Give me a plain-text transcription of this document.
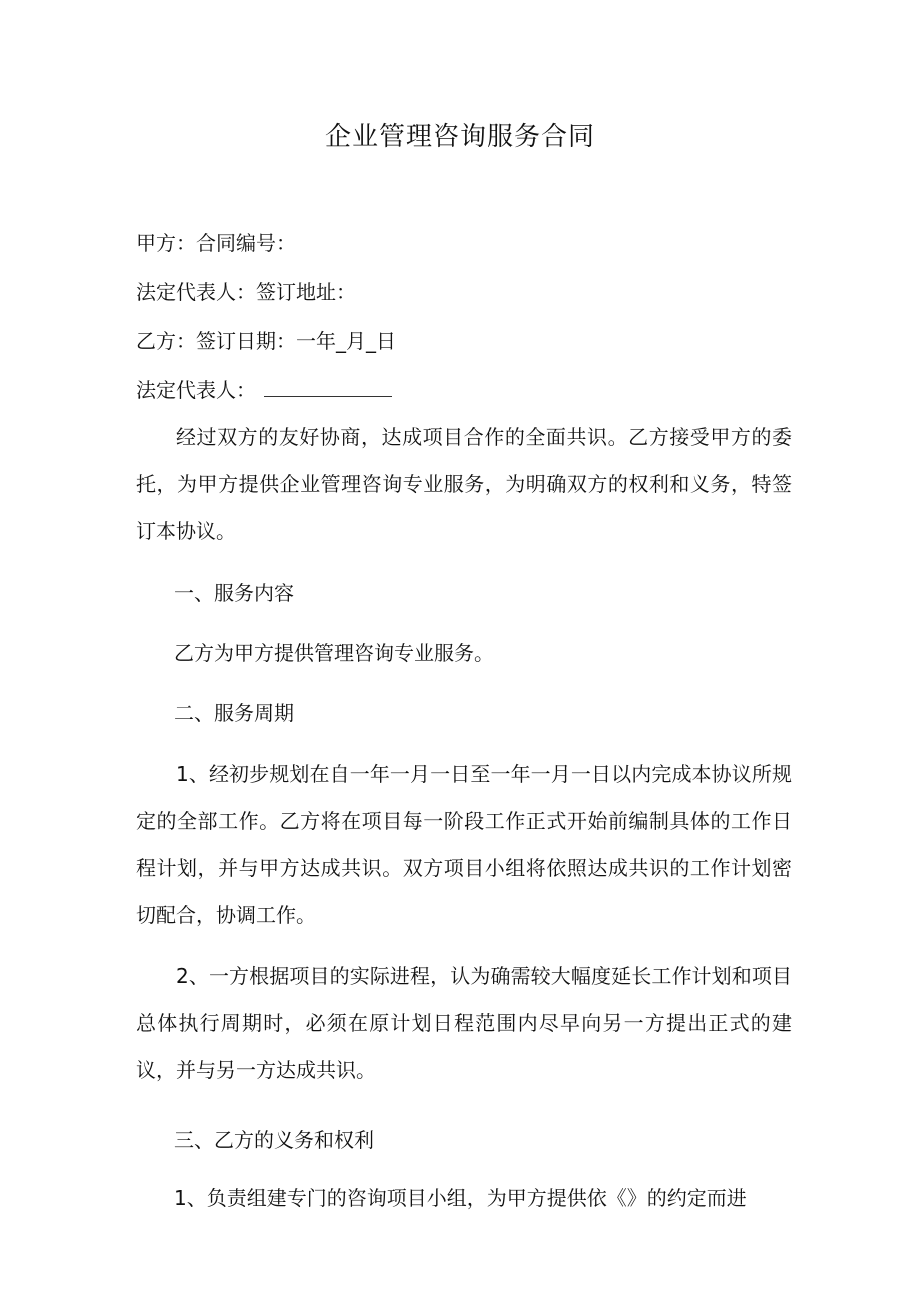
企业管理咨询服务合同
甲方：合同编号：
法定代表人：签订地址：
乙方：签订日期：一年_月_日
法定代表人：
经过双方的友好协商，达成项目合作的全面共识。乙方接受甲方的委托，为甲方提供企业管理咨询专业服务，为明确双方的权利和义务，特签订本协议。
一、服务内容
乙方为甲方提供管理咨询专业服务。
二、服务周期
1、经初步规划在自一年一月一日至一年一月一日以内完成本协议所规定的全部工作。乙方将在项目每一阶段工作正式开始前编制具体的工作日程计划，并与甲方达成共识。双方项目小组将依照达成共识的工作计划密切配合，协调工作。
2、一方根据项目的实际进程，认为确需较大幅度延长工作计划和项目总体执行周期时，必须在原计划日程范围内尽早向另一方提出正式的建议，并与另一方达成共识。
三、乙方的义务和权利
1、负责组建专门的咨询项目小组，为甲方提供依《》的约定而进
